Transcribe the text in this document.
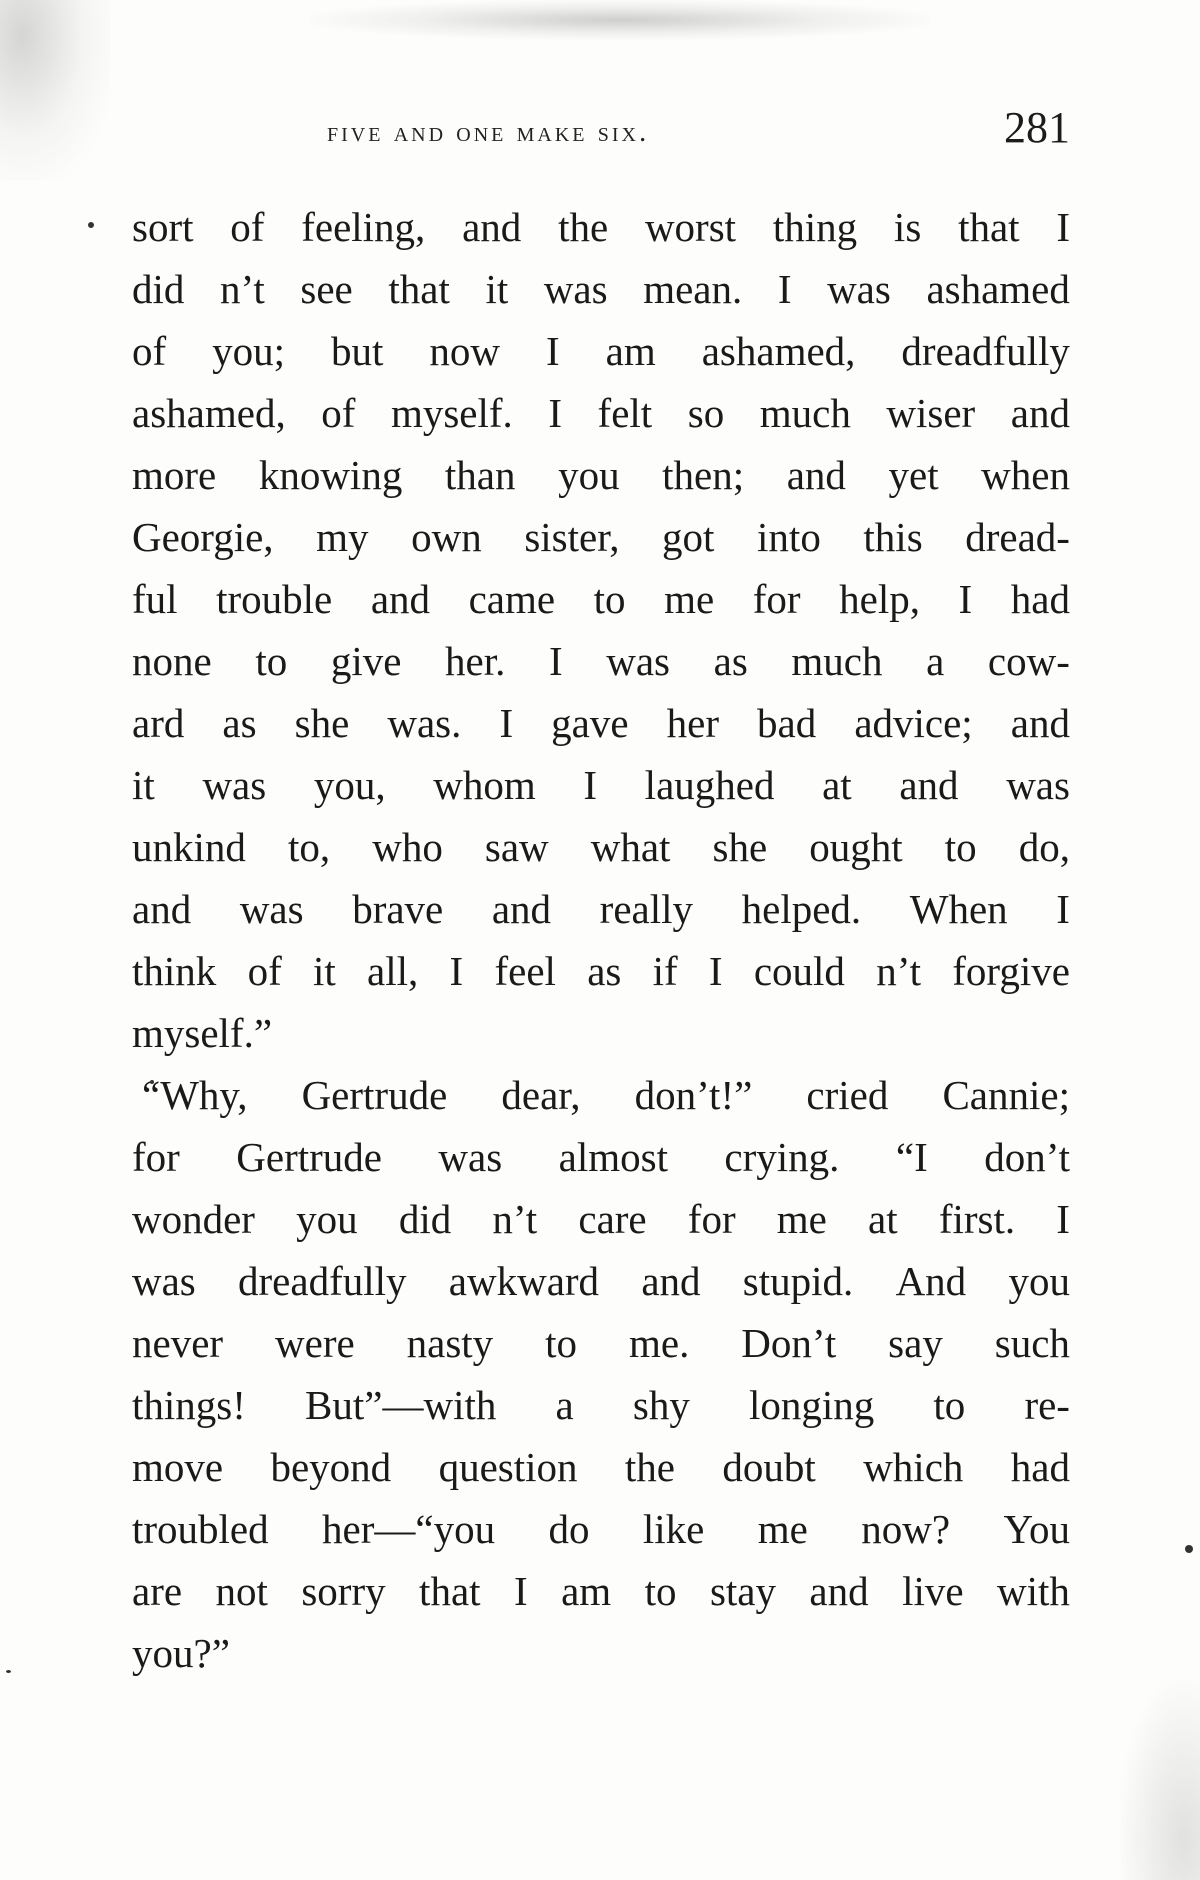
five and one make six.	281
sort of feeling, and the worst thing is that I
did n’t see that it was mean. I was ashamed
of you; but now I am ashamed, dreadfully
ashamed, of myself. I felt so much wiser and
more knowing than you then; and yet when
Georgie, my own sister, got into this dread-
ful trouble and came to me for help, I had
none to give her. I was as much a cow-
ard as she was. I gave her bad advice; and
it was you, whom I laughed at and was
unkind to, who saw what she ought to do,
and was brave and really helped. When I
think of it all, I feel as if I could n’t forgive
myself.”
“Why, Gertrude dear, don’t!” cried Cannie;
for Gertrude was almost crying. “I don’t
wonder you did n’t care for me at first. I
was dreadfully awkward and stupid. And you
never were nasty to me. Don’t say such
things! But”—with a shy longing to re-
move beyond question the doubt which had
troubled her—“you do like me now? You
are not sorry that I am to stay and live with
you?”
